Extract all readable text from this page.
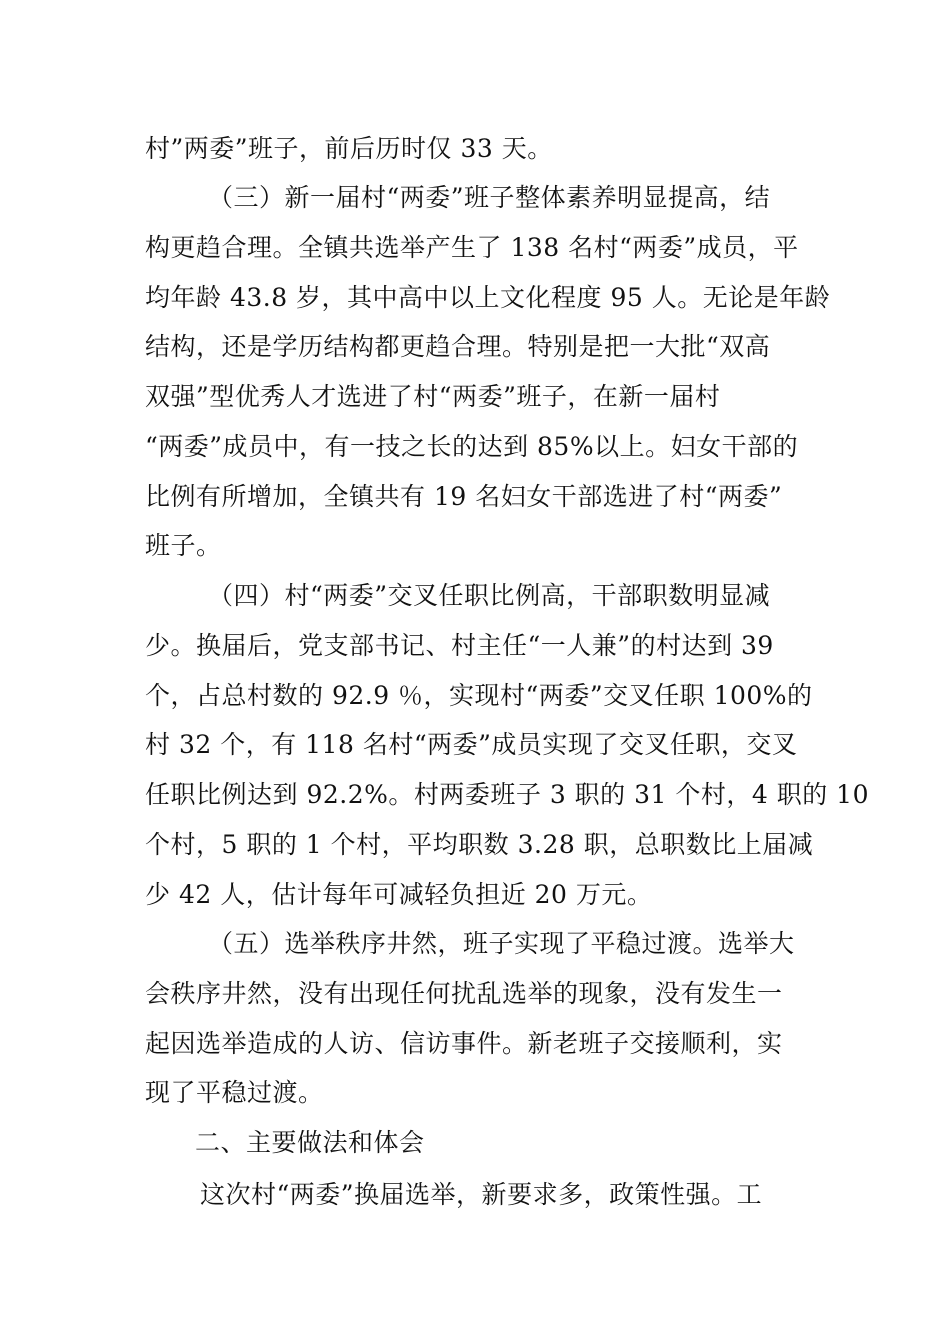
村”两委”班子，前后历时仅 33 天。
（三）新一届村“两委”班子整体素养明显提高，结
构更趋合理。全镇共选举产生了 138 名村“两委”成员，平
均年龄 43.8 岁，其中高中以上文化程度 95 人。无论是年龄
结构，还是学历结构都更趋合理。特别是把一大批“双高
双强”型优秀人才选进了村“两委”班子，在新一届村
“两委”成员中，有一技之长的达到 85%以上。妇女干部的
比例有所增加，全镇共有 19 名妇女干部选进了村“两委”
班子。
（四）村“两委”交叉任职比例高，干部职数明显减
少。换届后，党支部书记、村主任“一人兼”的村达到 39
个，占总村数的 92.9 ％，实现村“两委”交叉任职 100%的
村 32 个，有 118 名村“两委”成员实现了交叉任职，交叉
任职比例达到 92.2%。村两委班子 3 职的 31 个村，4 职的 10
个村，5 职的 1 个村，平均职数 3.28 职，总职数比上届减
少 42 人，估计每年可减轻负担近 20 万元。
（五）选举秩序井然，班子实现了平稳过渡。选举大
会秩序井然，没有出现任何扰乱选举的现象，没有发生一
起因选举造成的人访、信访事件。新老班子交接顺利，实
现了平稳过渡。
二、主要做法和体会
这次村“两委”换届选举，新要求多，政策性强。工
